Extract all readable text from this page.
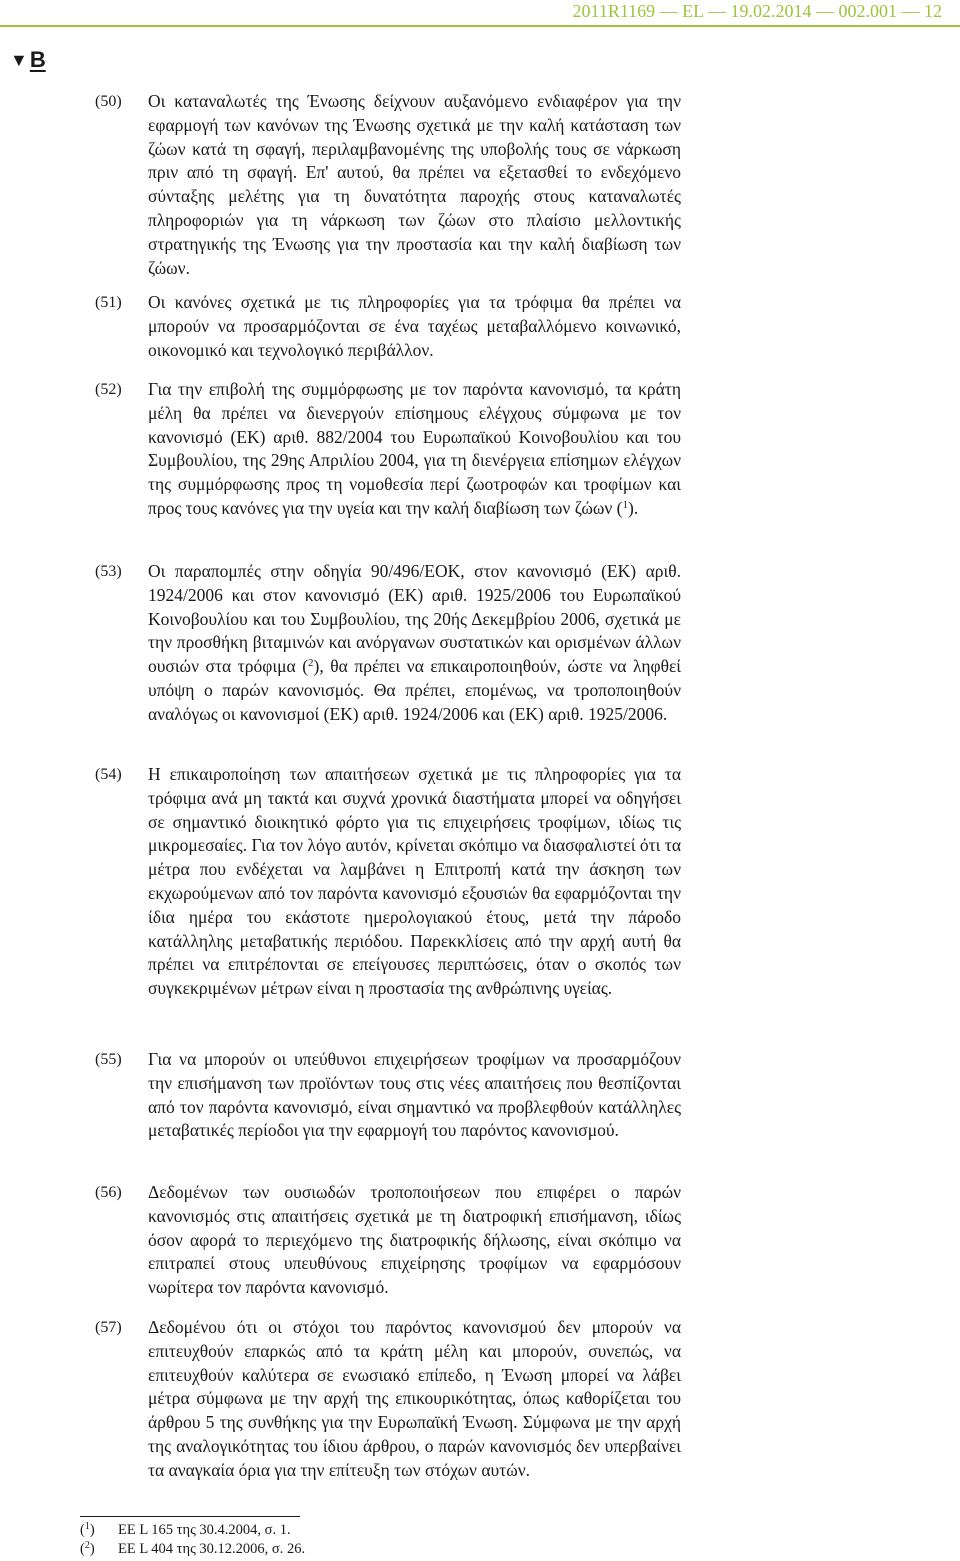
2011R1169 — EL — 19.02.2014 — 002.001 — 12
▼B
(50) Οι καταναλωτές της Ένωσης δείχνουν αυξανόμενο ενδιαφέρον για την εφαρμογή των κανόνων της Ένωσης σχετικά με την καλή κατάσταση των ζώων κατά τη σφαγή, περιλαμβανομένης της υποβολής τους σε νάρκωση πριν από τη σφαγή. Επ' αυτού, θα πρέπει να εξετασθεί το ενδεχόμενο σύνταξης μελέτης για τη δυνατότητα παροχής στους καταναλωτές πληροφοριών για τη νάρκωση των ζώων στο πλαίσιο μελλοντικής στρατηγικής της Ένωσης για την προστασία και την καλή διαβίωση των ζώων.

(51) Οι κανόνες σχετικά με τις πληροφορίες για τα τρόφιμα θα πρέπει να μπορούν να προσαρμόζονται σε ένα ταχέως μεταβαλλόμενο κοινωνικό, οικονομικό και τεχνολογικό περιβάλλον.

(52) Για την επιβολή της συμμόρφωσης με τον παρόντα κανονισμό, τα κράτη μέλη θα πρέπει να διενεργούν επίσημους ελέγχους σύμφωνα με τον κανονισμό (ΕΚ) αριθ. 882/2004 του Ευρωπαϊκού Κοινοβουλίου και του Συμβουλίου, της 29ης Απριλίου 2004, για τη διενέργεια επίσημων ελέγχων της συμμόρφωσης προς τη νομοθεσία περί ζωοτροφών και τροφίμων και προς τους κανόνες για την υγεία και την καλή διαβίωση των ζώων ($^1$).

(53) Οι παραπομπές στην οδηγία 90/496/ΕΟΚ, στον κανονισμό (ΕΚ) αριθ. 1924/2006 και στον κανονισμό (ΕΚ) αριθ. 1925/2006 του Ευρωπαϊκού Κοινοβουλίου και του Συμβουλίου, της 20ής Δεκεμβρίου 2006, σχετικά με την προσθήκη βιταμινών και ανόργανων συστατικών και ορισμένων άλλων ουσιών στα τρόφιμα ($^2$), θα πρέπει να επικαιροποιηθούν, ώστε να ληφθεί υπόψη ο παρών κανονισμός. Θα πρέπει, επομένως, να τροποποιηθούν αναλόγως οι κανονισμοί (ΕΚ) αριθ. 1924/2006 και (ΕΚ) αριθ. 1925/2006.

(54) Η επικαιροποίηση των απαιτήσεων σχετικά με τις πληροφορίες για τα τρόφιμα ανά μη τακτά και συχνά χρονικά διαστήματα μπορεί να οδηγήσει σε σημαντικό διοικητικό φόρτο για τις επιχειρήσεις τροφίμων, ιδίως τις μικρομεσαίες. Για τον λόγο αυτόν, κρίνεται σκόπιμο να διασφαλιστεί ότι τα μέτρα που ενδέχεται να λαμβάνει η Επιτροπή κατά την άσκηση των εκχωρούμενων από τον παρόντα κανονισμό εξουσιών θα εφαρμόζονται την ίδια ημέρα του εκάστοτε ημερολογιακού έτους, μετά την πάροδο κατάλληλης μεταβατικής περιόδου. Παρεκκλίσεις από την αρχή αυτή θα πρέπει να επιτρέπονται σε επείγουσες περιπτώσεις, όταν ο σκοπός των συγκεκριμένων μέτρων είναι η προστασία της ανθρώπινης υγείας.

(55) Για να μπορούν οι υπεύθυνοι επιχειρήσεων τροφίμων να προσαρμόζουν την επισήμανση των προϊόντων τους στις νέες απαιτήσεις που θεσπίζονται από τον παρόντα κανονισμό, είναι σημαντικό να προβλεφθούν κατάλληλες μεταβατικές περίοδοι για την εφαρμογή του παρόντος κανονισμού.

(56) Δεδομένων των ουσιωδών τροποποιήσεων που επιφέρει ο παρών κανονισμός στις απαιτήσεις σχετικά με τη διατροφική επισήμανση, ιδίως όσον αφορά το περιεχόμενο της διατροφικής δήλωσης, είναι σκόπιμο να επιτραπεί στους υπευθύνους επιχείρησης τροφίμων να εφαρμόσουν νωρίτερα τον παρόντα κανονισμό.

(57) Δεδομένου ότι οι στόχοι του παρόντος κανονισμού δεν μπορούν να επιτευχθούν επαρκώς από τα κράτη μέλη και μπορούν, συνεπώς, να επιτευχθούν καλύτερα σε ενωσιακό επίπεδο, η Ένωση μπορεί να λάβει μέτρα σύμφωνα με την αρχή της επικουρικότητας, όπως καθορίζεται του άρθρου 5 της συνθήκης για την Ευρωπαϊκή Ένωση. Σύμφωνα με την αρχή της αναλογικότητας του ίδιου άρθρου, ο παρών κανονισμός δεν υπερβαίνει τα αναγκαία όρια για την επίτευξη των στόχων αυτών.

($^1$) ΕΕ L 165 της 30.4.2004, σ. 1.
($^2$) ΕΕ L 404 της 30.12.2006, σ. 26.
